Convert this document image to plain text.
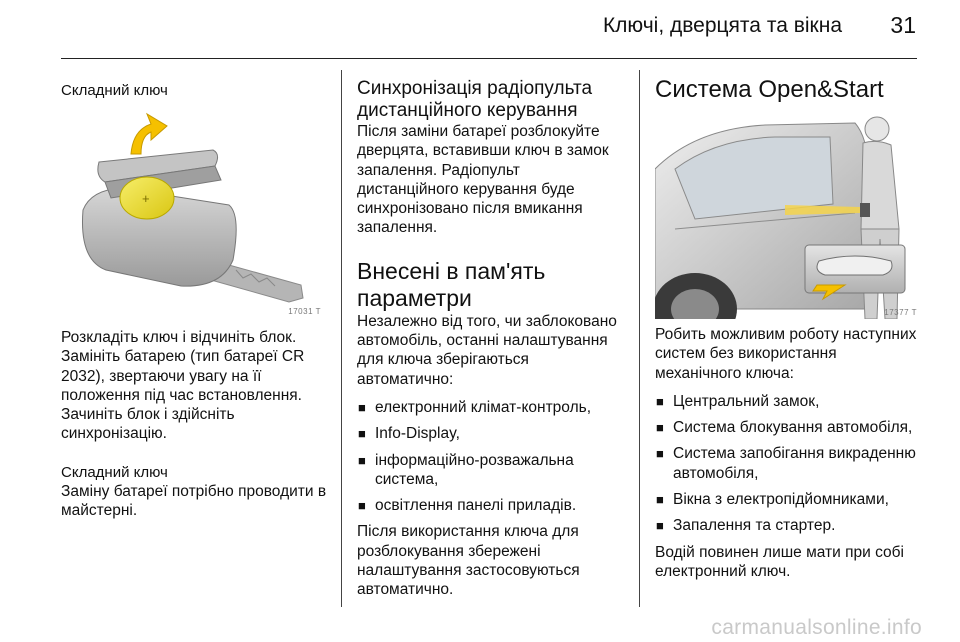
Ключі, дверцята та вікна 31

Складний ключ

+
17031 T

Розкладіть ключ і відчиніть блок. Замініть батарею (тип батареї CR 2032), звертаючи увагу на її положення під час встановлення. Зачиніть блок і здійсніть синхронізацію.

Складний ключ

Заміну батареї потрібно проводити в майстерні.

Синхронізація радіопульта дистанційного керування

Після заміни батареї розблокуйте дверцята, вставивши ключ в замок запалення. Радіопульт дистанційного керування буде синхронізовано після вмикання запалення.

Внесені в пам'ять параметри

Незалежно від того, чи заблоковано автомобіль, останні налаштування для ключа зберігаються автоматично:

■ електронний клімат-контроль,
■ Info-Display,
■ інформаційно-розважальна система,
■ освітлення панелі приладів.

Після використання ключа для розблокування збережені налаштування застосовуються автоматично.

Система Open&Start

17377 T

Робить можливим роботу наступних систем без використання механічного ключа:

■ Центральний замок,
■ Система блокування автомобіля,
■ Система запобігання викраденню автомобіля,
■ Вікна з електропідйомниками,
■ Запалення та стартер.

Водій повинен лише мати при собі електронний ключ.

carmanualsonline.info
